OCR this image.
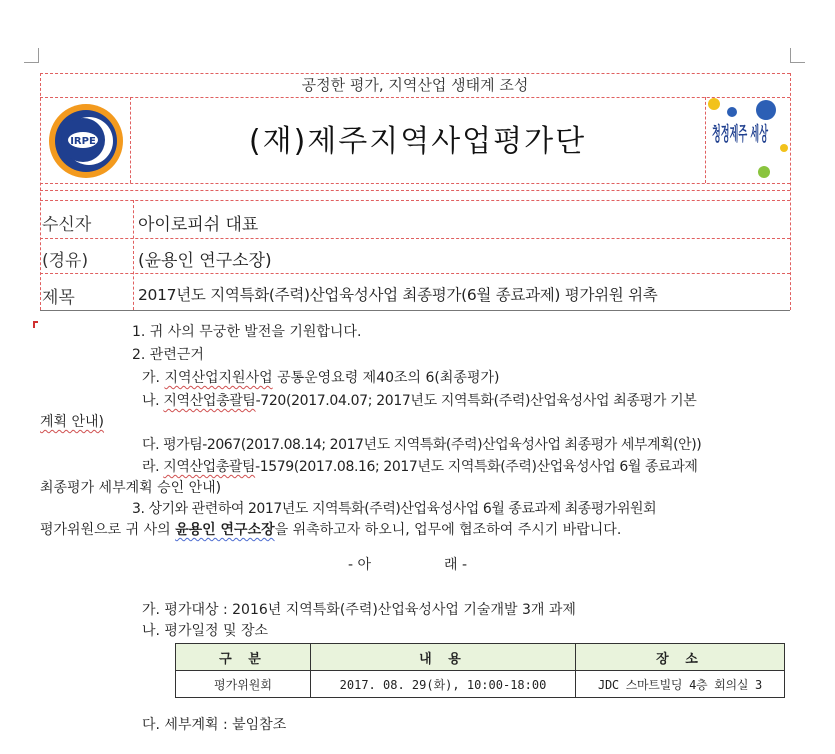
공정한 평가, 지역산업 생태계 조성
IRPE	(재)제주지역사업평가단	청정제주 세상
수신자	아이로피쉬 대표
(경유)	(윤용인 연구소장)
제목	2017년도 지역특화(주력)산업육성사업 최종평가(6월 종료과제) 평가위원 위촉
1. 귀 사의 무궁한 발전을 기원합니다.
2. 관련근거
가. 지역산업지원사업 공통운영요령 제40조의 6(최종평가)
나. 지역산업총괄팀-720(2017.04.07; 2017년도 지역특화(주력)산업육성사업 최종평가 기본
계획 안내)
다. 평가팀-2067(2017.08.14; 2017년도 지역특화(주력)산업육성사업 최종평가 세부계획(안))
라. 지역산업총괄팀-1579(2017.08.16; 2017년도 지역특화(주력)산업육성사업 6월 종료과제
최종평가 세부계획 승인 안내)
3. 상기와 관련하여 2017년도 지역특화(주력)산업육성사업 6월 종료과제 최종평가위원회
평가위원으로 귀 사의 윤용인 연구소장을 위촉하고자 하오니, 업무에 협조하여 주시기 바랍니다.
- 아	래 -
가. 평가대상 : 2016년 지역특화(주력)산업육성사업 기술개발 3개 과제
나. 평가일정 및 장소
구 분	내 용	장 소
평가위원회	2017. 08. 29(화), 10:00-18:00	JDC 스마트빌딩 4층 회의실 3
다. 세부계획 : 붙임참조
